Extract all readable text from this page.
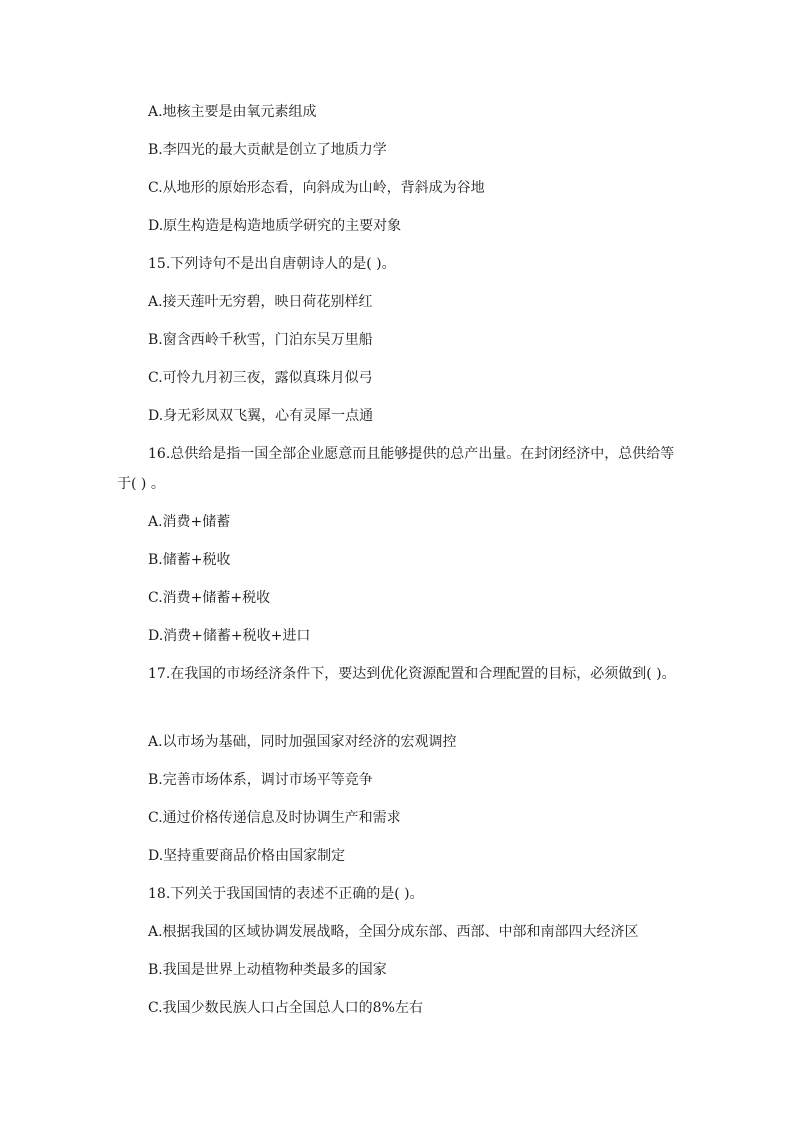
A.地核主要是由氧元素组成
B.李四光的最大贡献是创立了地质力学
C.从地形的原始形态看，向斜成为山岭，背斜成为谷地
D.原生构造是构造地质学研究的主要对象
15.下列诗句不是出自唐朝诗人的是( )。
A.接天莲叶无穷碧，映日荷花别样红
B.窗含西岭千秋雪，门泊东吴万里船
C.可怜九月初三夜，露似真珠月似弓
D.身无彩凤双飞翼，心有灵犀一点通
16.总供给是指一国全部企业愿意而且能够提供的总产出量。在封闭经济中，总供给等
于( ) 。
A.消费+储蓄
B.储蓄+税收
C.消费+储蓄+税收
D.消费+储蓄+税收+进口
17.在我国的市场经济条件下，要达到优化资源配置和合理配置的目标，必须做到( )。
A.以市场为基础，同时加强国家对经济的宏观调控
B.完善市场体系，调讨市场平等竞争
C.通过价格传递信息及时协调生产和需求
D.坚持重要商品价格由国家制定
18.下列关于我国国情的表述不正确的是( )。
A.根据我国的区域协调发展战略，全国分成东部、西部、中部和南部四大经济区
B.我国是世界上动植物种类最多的国家
C.我国少数民族人口占全国总人口的8%左右
